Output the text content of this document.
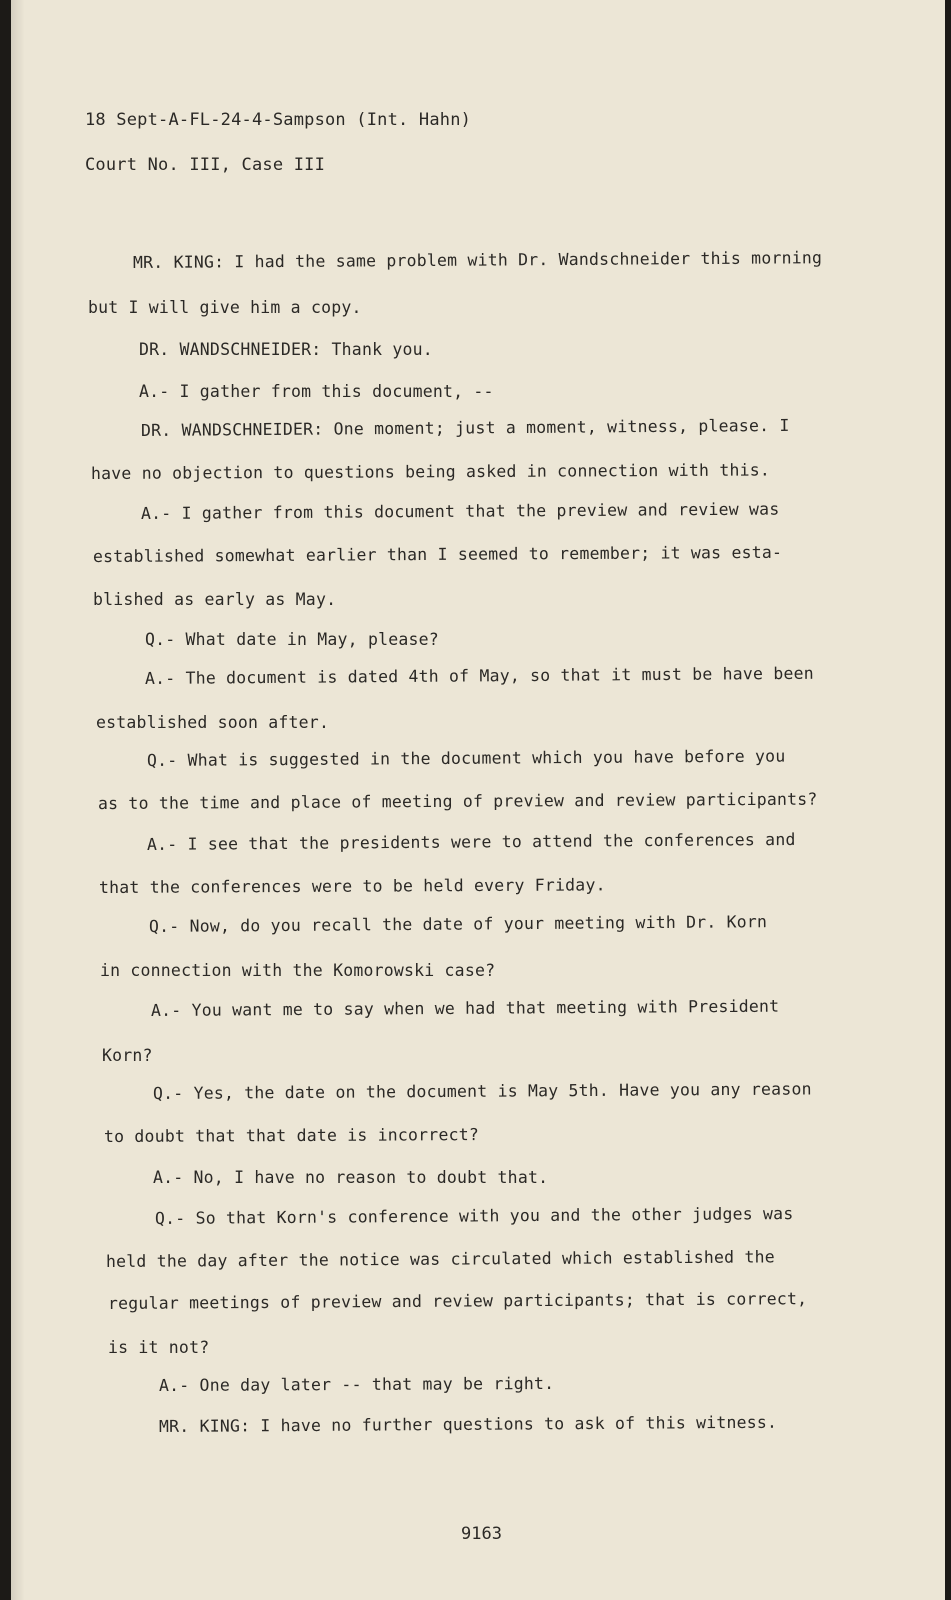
18 Sept-A-FL-24-4-Sampson (Int. Hahn)
Court No. III, Case III
MR. KING: I had the same problem with Dr. Wandschneider this morning
but I will give him a copy.
DR. WANDSCHNEIDER: Thank you.
A.- I gather from this document, --
DR. WANDSCHNEIDER: One moment; just a moment, witness, please. I
have no objection to questions being asked in connection with this.
A.- I gather from this document that the preview and review was
established somewhat earlier than I seemed to remember; it was esta-
blished as early as May.
Q.- What date in May, please?
A.- The document is dated 4th of May, so that it must be have been
established soon after.
Q.- What is suggested in the document which you have before you
as to the time and place of meeting of preview and review participants?
A.- I see that the presidents were to attend the conferences and
that the conferences were to be held every Friday.
Q.- Now, do you recall the date of your meeting with Dr. Korn
in connection with the Komorowski case?
A.- You want me to say when we had that meeting with President
Korn?
Q.- Yes, the date on the document is May 5th. Have you any reason
to doubt that that date is incorrect?
A.- No, I have no reason to doubt that.
Q.- So that Korn's conference with you and the other judges was
held the day after the notice was circulated which established the
regular meetings of preview and review participants; that is correct,
is it not?
A.- One day later -- that may be right.
MR. KING: I have no further questions to ask of this witness.
9163
